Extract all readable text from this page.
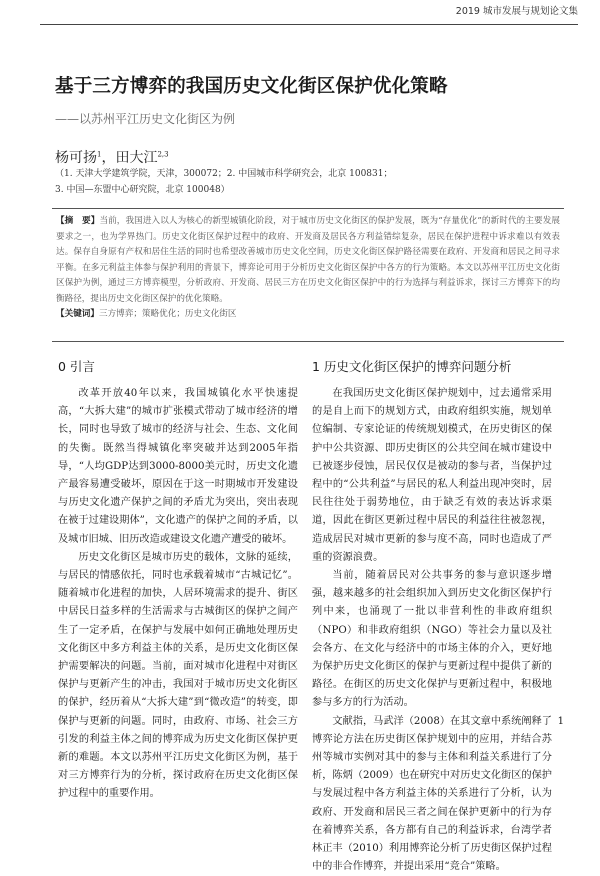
2019 城市发展与规划论文集
基于三方博弈的我国历史文化街区保护优化策略
——以苏州平江历史文化街区为例
杨可扬$^1$，田大江$^{2,3}$
（1. 天津大学建筑学院，天津，300072；2. 中国城市科学研究会，北京 100831；
3. 中国—东盟中心研究院，北京 100048）
【摘　要】当前，我国进入以人为核心的新型城镇化阶段，对于城市历史文化街区的保护发展，既为“存量优化”的新时代的主要发展要求之一，也为学界热门。历史文化街区保护过程中的政府、开发商及居民各方利益错综复杂，居民在保护进程中诉求难以有效表达。保存自身原有产权和居住生活的同时也希望改善城市历史文化空间，历史文化街区保护路径需要在政府、开发商和居民之间寻求平衡。在多元利益主体参与保护利用的背景下，博弈论可用于分析历史文化街区保护中各方的行为策略。本文以苏州平江历史文化街区保护为例，通过三方博弈模型，分析政府、开发商、居民三方在历史文化街区保护中的行为选择与利益诉求，探讨三方博弈下的均衡路径，提出历史文化街区保护的优化策略。
【关键词】三方博弈；策略优化；历史文化街区
0 引言	1 历史文化街区保护的博弈问题分析

改革开放40年以来，我国城镇化水平快速提高，“大拆大建”的城市扩张模式带动了城市经济的增长，同时也导致了城市的经济与社会、生态、文化间的失衡。既然当得城镇化率突破并达到2005年指导，“人均GDP达到3000-8000美元时，历史文化遗产最容易遭受破坏，原因在于这一时期城市开发建设与历史文化遗产保护之间的矛盾尤为突出，突出表现在被于过建设期体”，文化遗产的保护之间的矛盾，以及城市旧城、旧历改造或建设文化遗产遭受的破坏。

历史文化街区是城市历史的载体，文脉的延续，与居民的情感依托，同时也承载着城市“古城记忆”。随着城市化进程的加快，人居环境需求的提升、街区中居民日益多样的生活需求与古城街区的保护之间产生了一定矛盾，在保护与发展中如何正确地处理历史文化街区中多方利益主体的关系，是历史文化街区保护需要解决的问题。当前，面对城市化进程中对街区保护与更新产生的冲击，我国对于城市历史文化街区的保护，经历着从“大拆大建”到“微改造”的转变，即保护与更新的问题。同时，由政府、市场、社会三方引发的利益主体之间的博弈成为历史文化街区保护更新的难题。本文以苏州平江历史文化街区为例，基于对三方博弈行为的分析，探讨政府在历史文化街区保护过程中的重要作用。

在我国历史文化街区保护规划中，过去通常采用的是自上而下的规划方式，由政府组织实施，规划单位编制、专家论证的传统规划模式，在历史街区的保护中公共资源、即历史街区的公共空间在城市建设中已被逐步侵蚀，居民仅仅是被动的参与者，当保护过程中的“公共利益”与居民的私人利益出现冲突时，居民往往处于弱势地位，由于缺乏有效的表达诉求渠道，因此在街区更新过程中居民的利益往往被忽视，造成居民对城市更新的参与度不高，同时也造成了严重的资源浪费。

当前，随着居民对公共事务的参与意识逐步增强，越来越多的社会组织加入到历史文化街区保护行列中来，也涌现了一批以非营利性的非政府组织（NPO）和非政府组织（NGO）等社会力量以及社会各方、在文化与经济中的市场主体的介入，更好地为保护历史文化街区的保护与更新过程中提供了新的路径。在街区的历史文化保护与更新过程中，积极地参与多方的行为活动。

文献指，马武洋（2008）在其文章中系统阐释了博弈论方法在历史街区保护规划中的应用，并结合苏州等城市实例对其中的参与主体和利益关系进行了分析，陈炳（2009）也在研究中对历史文化街区的保护与发展过程中各方利益主体的关系进行了分析，认为政府、开发商和居民三者之间在保护更新中的行为存在着博弈关系，各方都有自己的利益诉求，台湾学者林正丰（2010）利用博弈论分析了历史街区保护过程中的非合作博弈，并提出采用“竞合”策略。

1
